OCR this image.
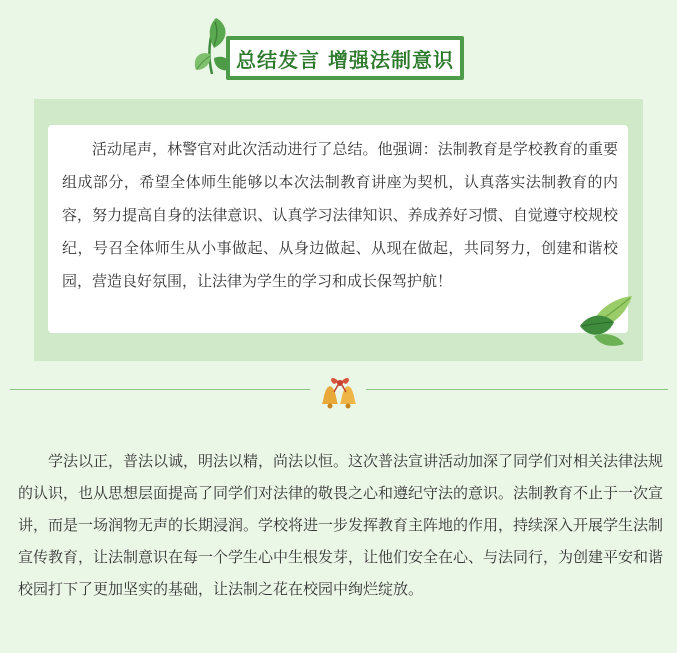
总结发言 增强法制意识

活动尾声，林警官对此次活动进行了总结。他强调：法制教育是学校教育的重要组成部分，希望全体师生能够以本次法制教育讲座为契机，认真落实法制教育的内容，努力提高自身的法律意识、认真学习法律知识、养成养好习惯、自觉遵守校规校纪，号召全体师生从小事做起、从身边做起、从现在做起，共同努力，创建和谐校园，营造良好氛围，让法律为学生的学习和成长保驾护航！

学法以正，普法以诚，明法以精，尚法以恒。这次普法宣讲活动加深了同学们对相关法律法规的认识，也从思想层面提高了同学们对法律的敬畏之心和遵纪守法的意识。法制教育不止于一次宣讲，而是一场润物无声的长期浸润。学校将进一步发挥教育主阵地的作用，持续深入开展学生法制宣传教育，让法制意识在每一个学生心中生根发芽，让他们安全在心、与法同行，为创建平安和谐校园打下了更加坚实的基础，让法制之花在校园中绚烂绽放。
